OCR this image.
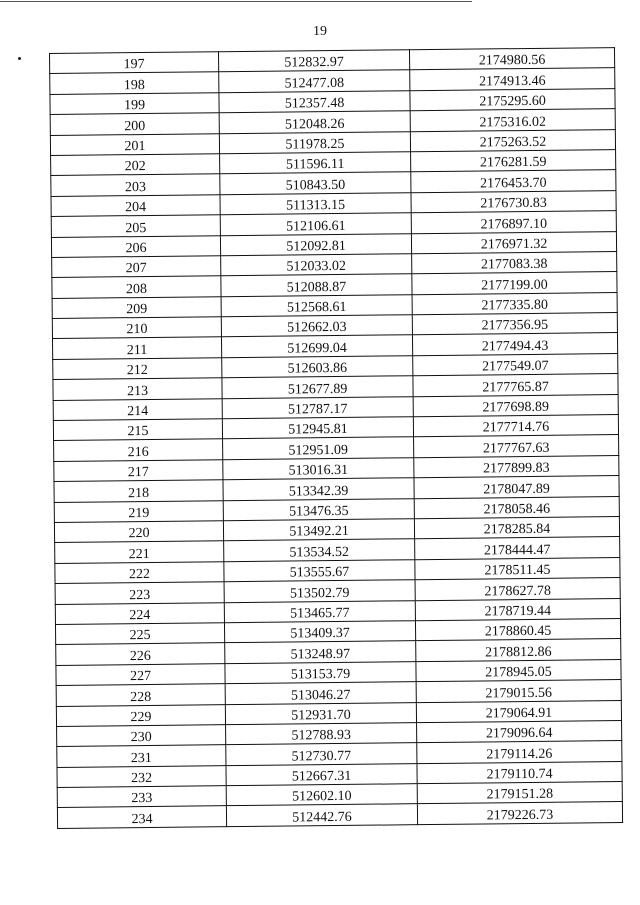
19
197	512832.97	2174980.56
198	512477.08	2174913.46
199	512357.48	2175295.60
200	512048.26	2175316.02
201	511978.25	2175263.52
202	511596.11	2176281.59
203	510843.50	2176453.70
204	511313.15	2176730.83
205	512106.61	2176897.10
206	512092.81	2176971.32
207	512033.02	2177083.38
208	512088.87	2177199.00
209	512568.61	2177335.80
210	512662.03	2177356.95
211	512699.04	2177494.43
212	512603.86	2177549.07
213	512677.89	2177765.87
214	512787.17	2177698.89
215	512945.81	2177714.76
216	512951.09	2177767.63
217	513016.31	2177899.83
218	513342.39	2178047.89
219	513476.35	2178058.46
220	513492.21	2178285.84
221	513534.52	2178444.47
222	513555.67	2178511.45
223	513502.79	2178627.78
224	513465.77	2178719.44
225	513409.37	2178860.45
226	513248.97	2178812.86
227	513153.79	2178945.05
228	513046.27	2179015.56
229	512931.70	2179064.91
230	512788.93	2179096.64
231	512730.77	2179114.26
232	512667.31	2179110.74
233	512602.10	2179151.28
234	512442.76	2179226.73
